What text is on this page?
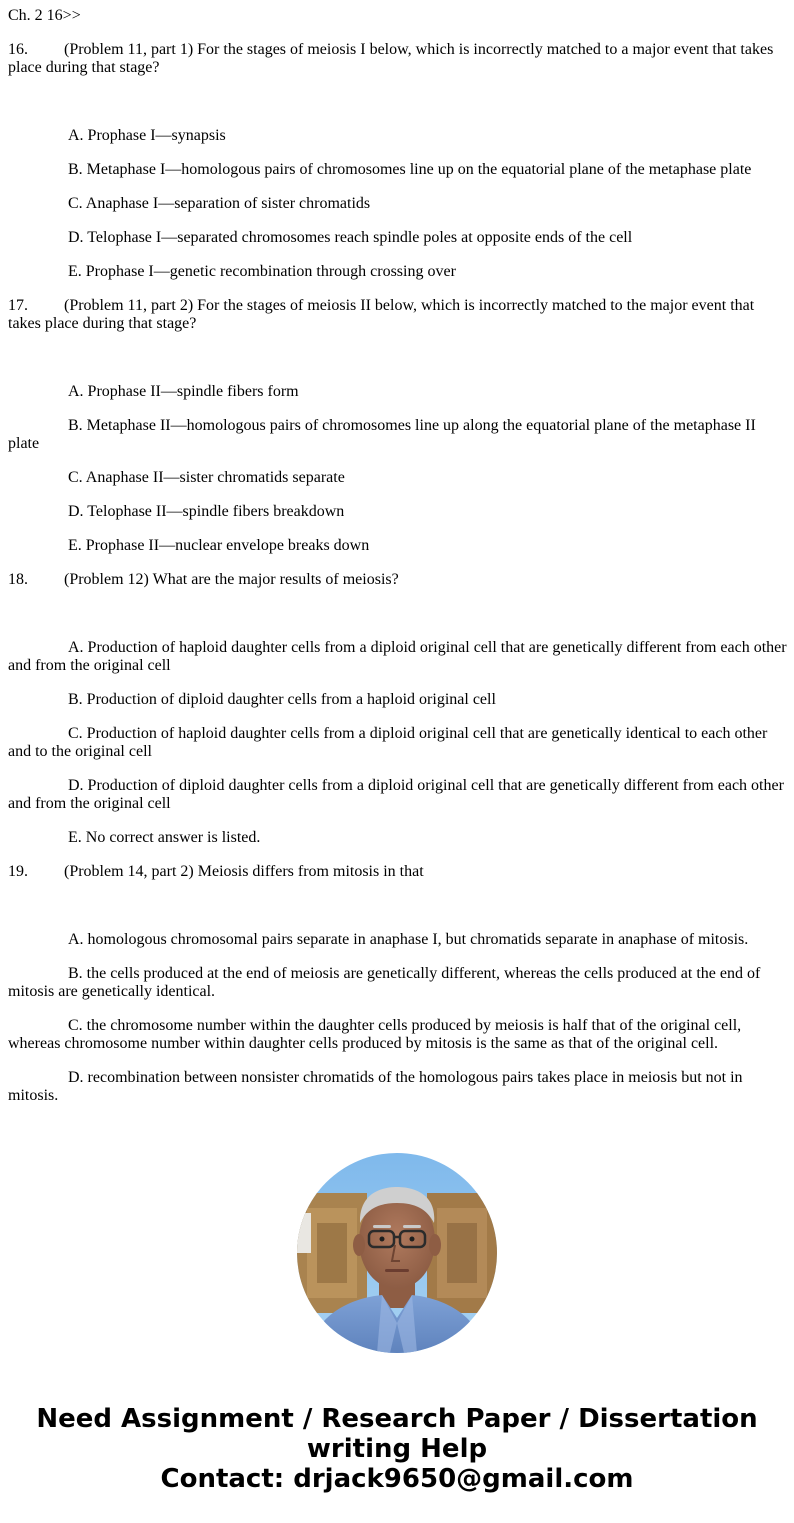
Ch. 2 16>>

16. (Problem 11, part 1) For the stages of meiosis I below, which is incorrectly matched to a major event that takes place during that stage?

A. Prophase I—synapsis

B. Metaphase I—homologous pairs of chromosomes line up on the equatorial plane of the metaphase plate

C. Anaphase I—separation of sister chromatids

D. Telophase I—separated chromosomes reach spindle poles at opposite ends of the cell

E. Prophase I—genetic recombination through crossing over

17. (Problem 11, part 2) For the stages of meiosis II below, which is incorrectly matched to the major event that takes place during that stage?

A. Prophase II—spindle fibers form

B. Metaphase II—homologous pairs of chromosomes line up along the equatorial plane of the metaphase II plate

C. Anaphase II—sister chromatids separate

D. Telophase II—spindle fibers breakdown

E. Prophase II—nuclear envelope breaks down

18. (Problem 12) What are the major results of meiosis?

A. Production of haploid daughter cells from a diploid original cell that are genetically different from each other and from the original cell

B. Production of diploid daughter cells from a haploid original cell

C. Production of haploid daughter cells from a diploid original cell that are genetically identical to each other and to the original cell

D. Production of diploid daughter cells from a diploid original cell that are genetically different from each other and from the original cell

E. No correct answer is listed.

19. (Problem 14, part 2) Meiosis differs from mitosis in that

A. homologous chromosomal pairs separate in anaphase I, but chromatids separate in anaphase of mitosis.

B. the cells produced at the end of meiosis are genetically different, whereas the cells produced at the end of mitosis are genetically identical.

C. the chromosome number within the daughter cells produced by meiosis is half that of the original cell, whereas chromosome number within daughter cells produced by mitosis is the same as that of the original cell.

D. recombination between nonsister chromatids of the homologous pairs takes place in meiosis but not in mitosis.

Need Assignment / Research Paper / Dissertation
writing Help
Contact: drjack9650@gmail.com
